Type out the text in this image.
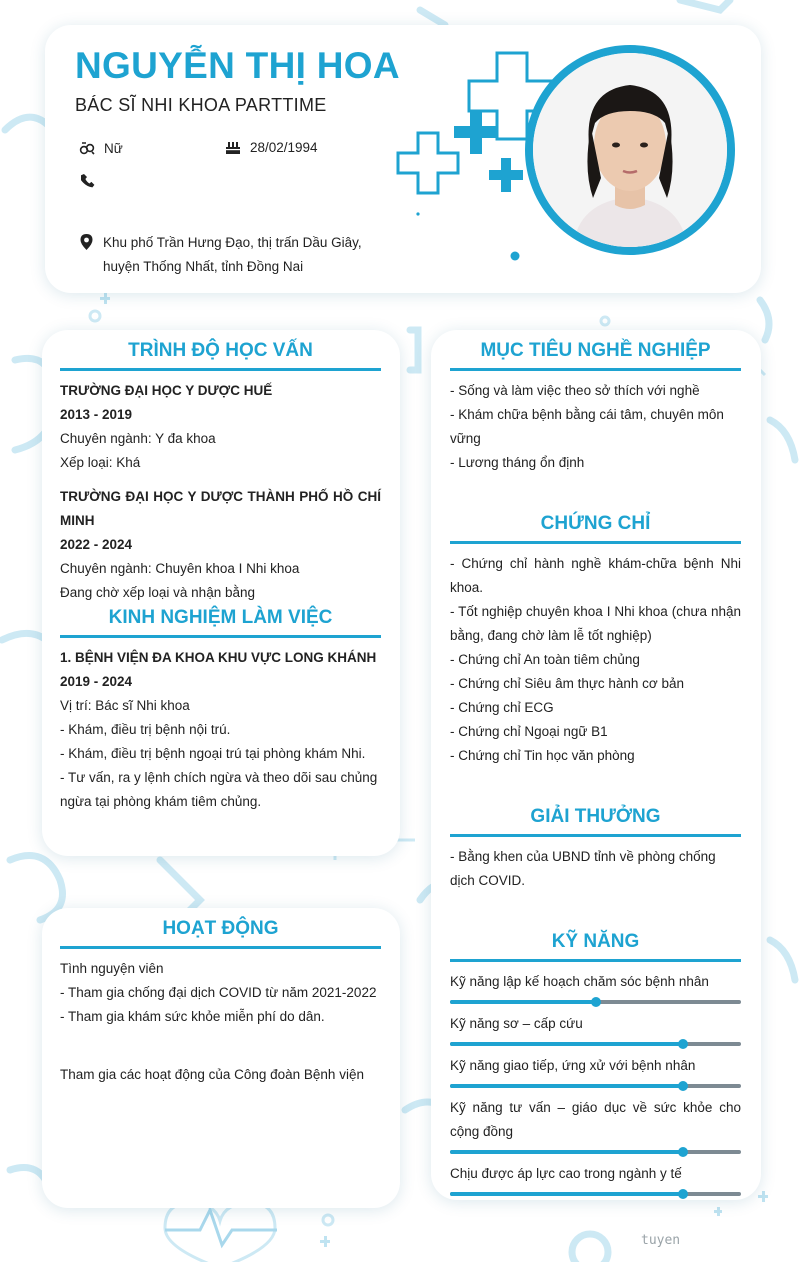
NGUYỄN THỊ HOA
BÁC SĨ NHI KHOA PARTTIME
Nữ	28/02/1994
Khu phố Trần Hưng Đạo, thị trấn Dầu Giây,
huyện Thống Nhất, tỉnh Đồng Nai
TRÌNH ĐỘ HỌC VẤN
TRƯỜNG ĐẠI HỌC Y DƯỢC HUẾ
2013 - 2019
Chuyên ngành: Y đa khoa
Xếp loại: Khá
TRƯỜNG ĐẠI HỌC Y DƯỢC THÀNH PHỐ HỒ CHÍ MINH
2022 - 2024
Chuyên ngành: Chuyên khoa I Nhi khoa
Đang chờ xếp loại và nhận bằng
KINH NGHIỆM LÀM VIỆC
1. BỆNH VIỆN ĐA KHOA KHU VỰC LONG KHÁNH
2019 - 2024
Vị trí: Bác sĩ Nhi khoa
- Khám, điều trị bệnh nội trú.
- Khám, điều trị bệnh ngoại trú tại phòng khám Nhi.
- Tư vấn, ra y lệnh chích ngừa và theo dõi sau chủng ngừa tại phòng khám tiêm chủng.
HOẠT ĐỘNG
Tình nguyện viên
- Tham gia chống đại dịch COVID từ năm 2021-2022
- Tham gia khám sức khỏe miễn phí do dân.
Tham gia các hoạt động của Công đoàn Bệnh viện
MỤC TIÊU NGHỀ NGHIỆP
- Sống và làm việc theo sở thích với nghề
- Khám chữa bệnh bằng cái tâm, chuyên môn vững
- Lương tháng ổn định
CHỨNG CHỈ
- Chứng chỉ hành nghề khám-chữa bệnh Nhi khoa.
- Tốt nghiệp chuyên khoa I Nhi khoa (chưa nhận bằng, đang chờ làm lễ tốt nghiệp)
- Chứng chỉ An toàn tiêm chủng
- Chứng chỉ Siêu âm thực hành cơ bản
- Chứng chỉ ECG
- Chứng chỉ Ngoại ngữ B1
- Chứng chỉ Tin học văn phòng
GIẢI THƯỞNG
- Bằng khen của UBND tỉnh về phòng chống dịch COVID.
KỸ NĂNG
Kỹ năng lập kế hoạch chăm sóc bệnh nhân
Kỹ năng sơ – cấp cứu
Kỹ năng giao tiếp, ứng xử với bệnh nhân
Kỹ năng tư vấn – giáo dục về sức khỏe cho cộng đồng
Chịu được áp lực cao trong ngành y tế
tuyen
